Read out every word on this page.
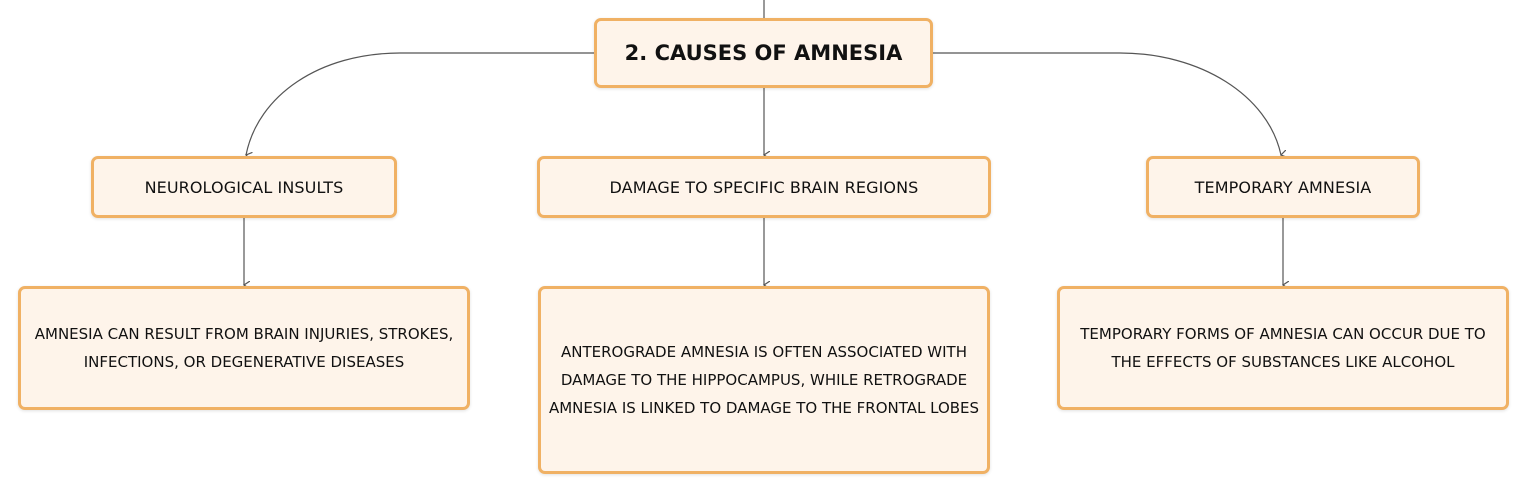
2. CAUSES OF AMNESIA
NEUROLOGICAL INSULTS	DAMAGE TO SPECIFIC BRAIN REGIONS	TEMPORARY AMNESIA
AMNESIA CAN RESULT FROM BRAIN INJURIES, STROKES, INFECTIONS, OR DEGENERATIVE DISEASES
ANTEROGRADE AMNESIA IS OFTEN ASSOCIATED WITH DAMAGE TO THE HIPPOCAMPUS, WHILE RETROGRADE AMNESIA IS LINKED TO DAMAGE TO THE FRONTAL LOBES
TEMPORARY FORMS OF AMNESIA CAN OCCUR DUE TO THE EFFECTS OF SUBSTANCES LIKE ALCOHOL
